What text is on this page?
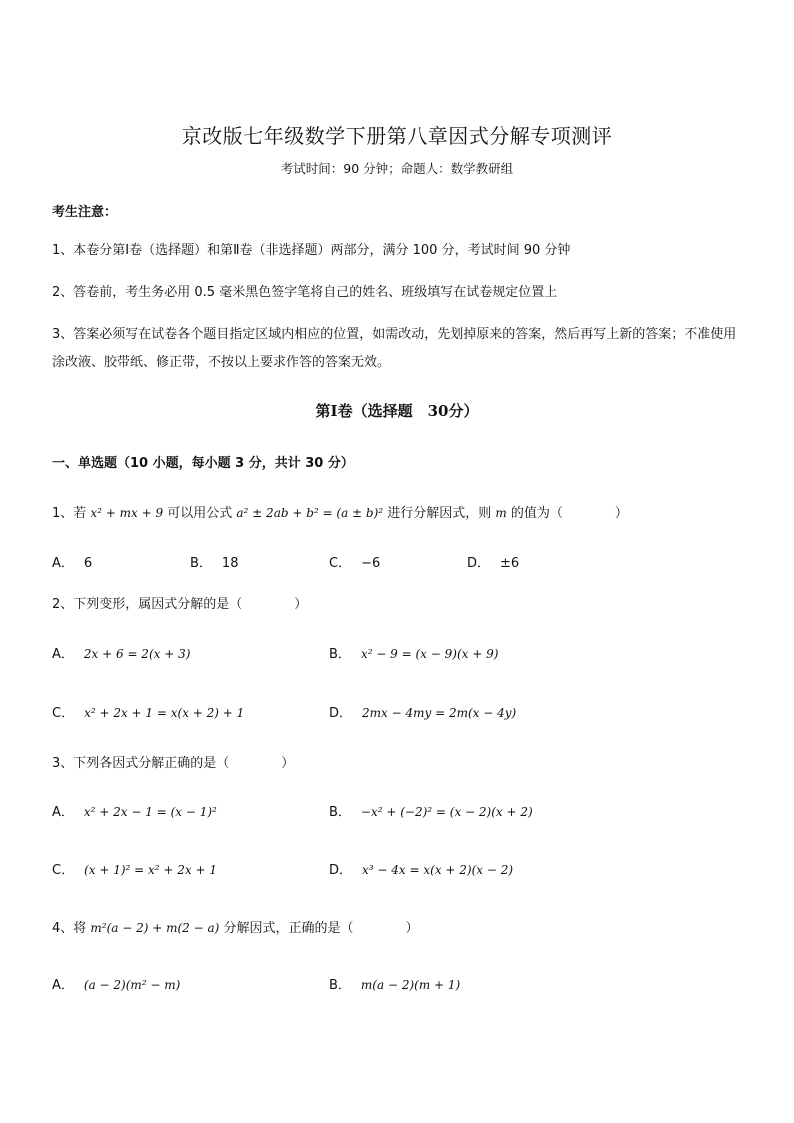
京改版七年级数学下册第八章因式分解专项测评
考试时间：90 分钟；命题人：数学教研组
考生注意：
1、本卷分第Ⅰ卷（选择题）和第Ⅱ卷（非选择题）两部分，满分 100 分，考试时间 90 分钟
2、答卷前，考生务必用 0.5 毫米黑色签字笔将自己的姓名、班级填写在试卷规定位置上
3、答案必须写在试卷各个题目指定区域内相应的位置，如需改动，先划掉原来的答案，然后再写上新的答案；不准使用涂改液、胶带纸、修正带，不按以上要求作答的答案无效。
第Ⅰ卷（选择题　30分）
一、单选题（10 小题，每小题 3 分，共计 30 分）
1、若 x² + mx + 9 可以用公式 a² ± 2ab + b² = (a ± b)² 进行分解因式，则 m 的值为（　　　　）
A． 6	B． 18	C． −6	D． ±6
2、下列变形，属因式分解的是（　　　　）
A． 2x + 6 = 2(x + 3)	B． x² − 9 = (x − 9)(x + 9)
C． x² + 2x + 1 = x(x + 2) + 1	D． 2mx − 4my = 2m(x − 4y)
3、下列各因式分解正确的是（　　　　）
A． x² + 2x − 1 = (x − 1)²	B． −x² + (−2)² = (x − 2)(x + 2)
C． (x + 1)² = x² + 2x + 1	D． x³ − 4x = x(x + 2)(x − 2)
4、将 m²(a − 2) + m(2 − a) 分解因式，正确的是（　　　　）
A． (a − 2)(m² − m)	B． m(a − 2)(m + 1)
